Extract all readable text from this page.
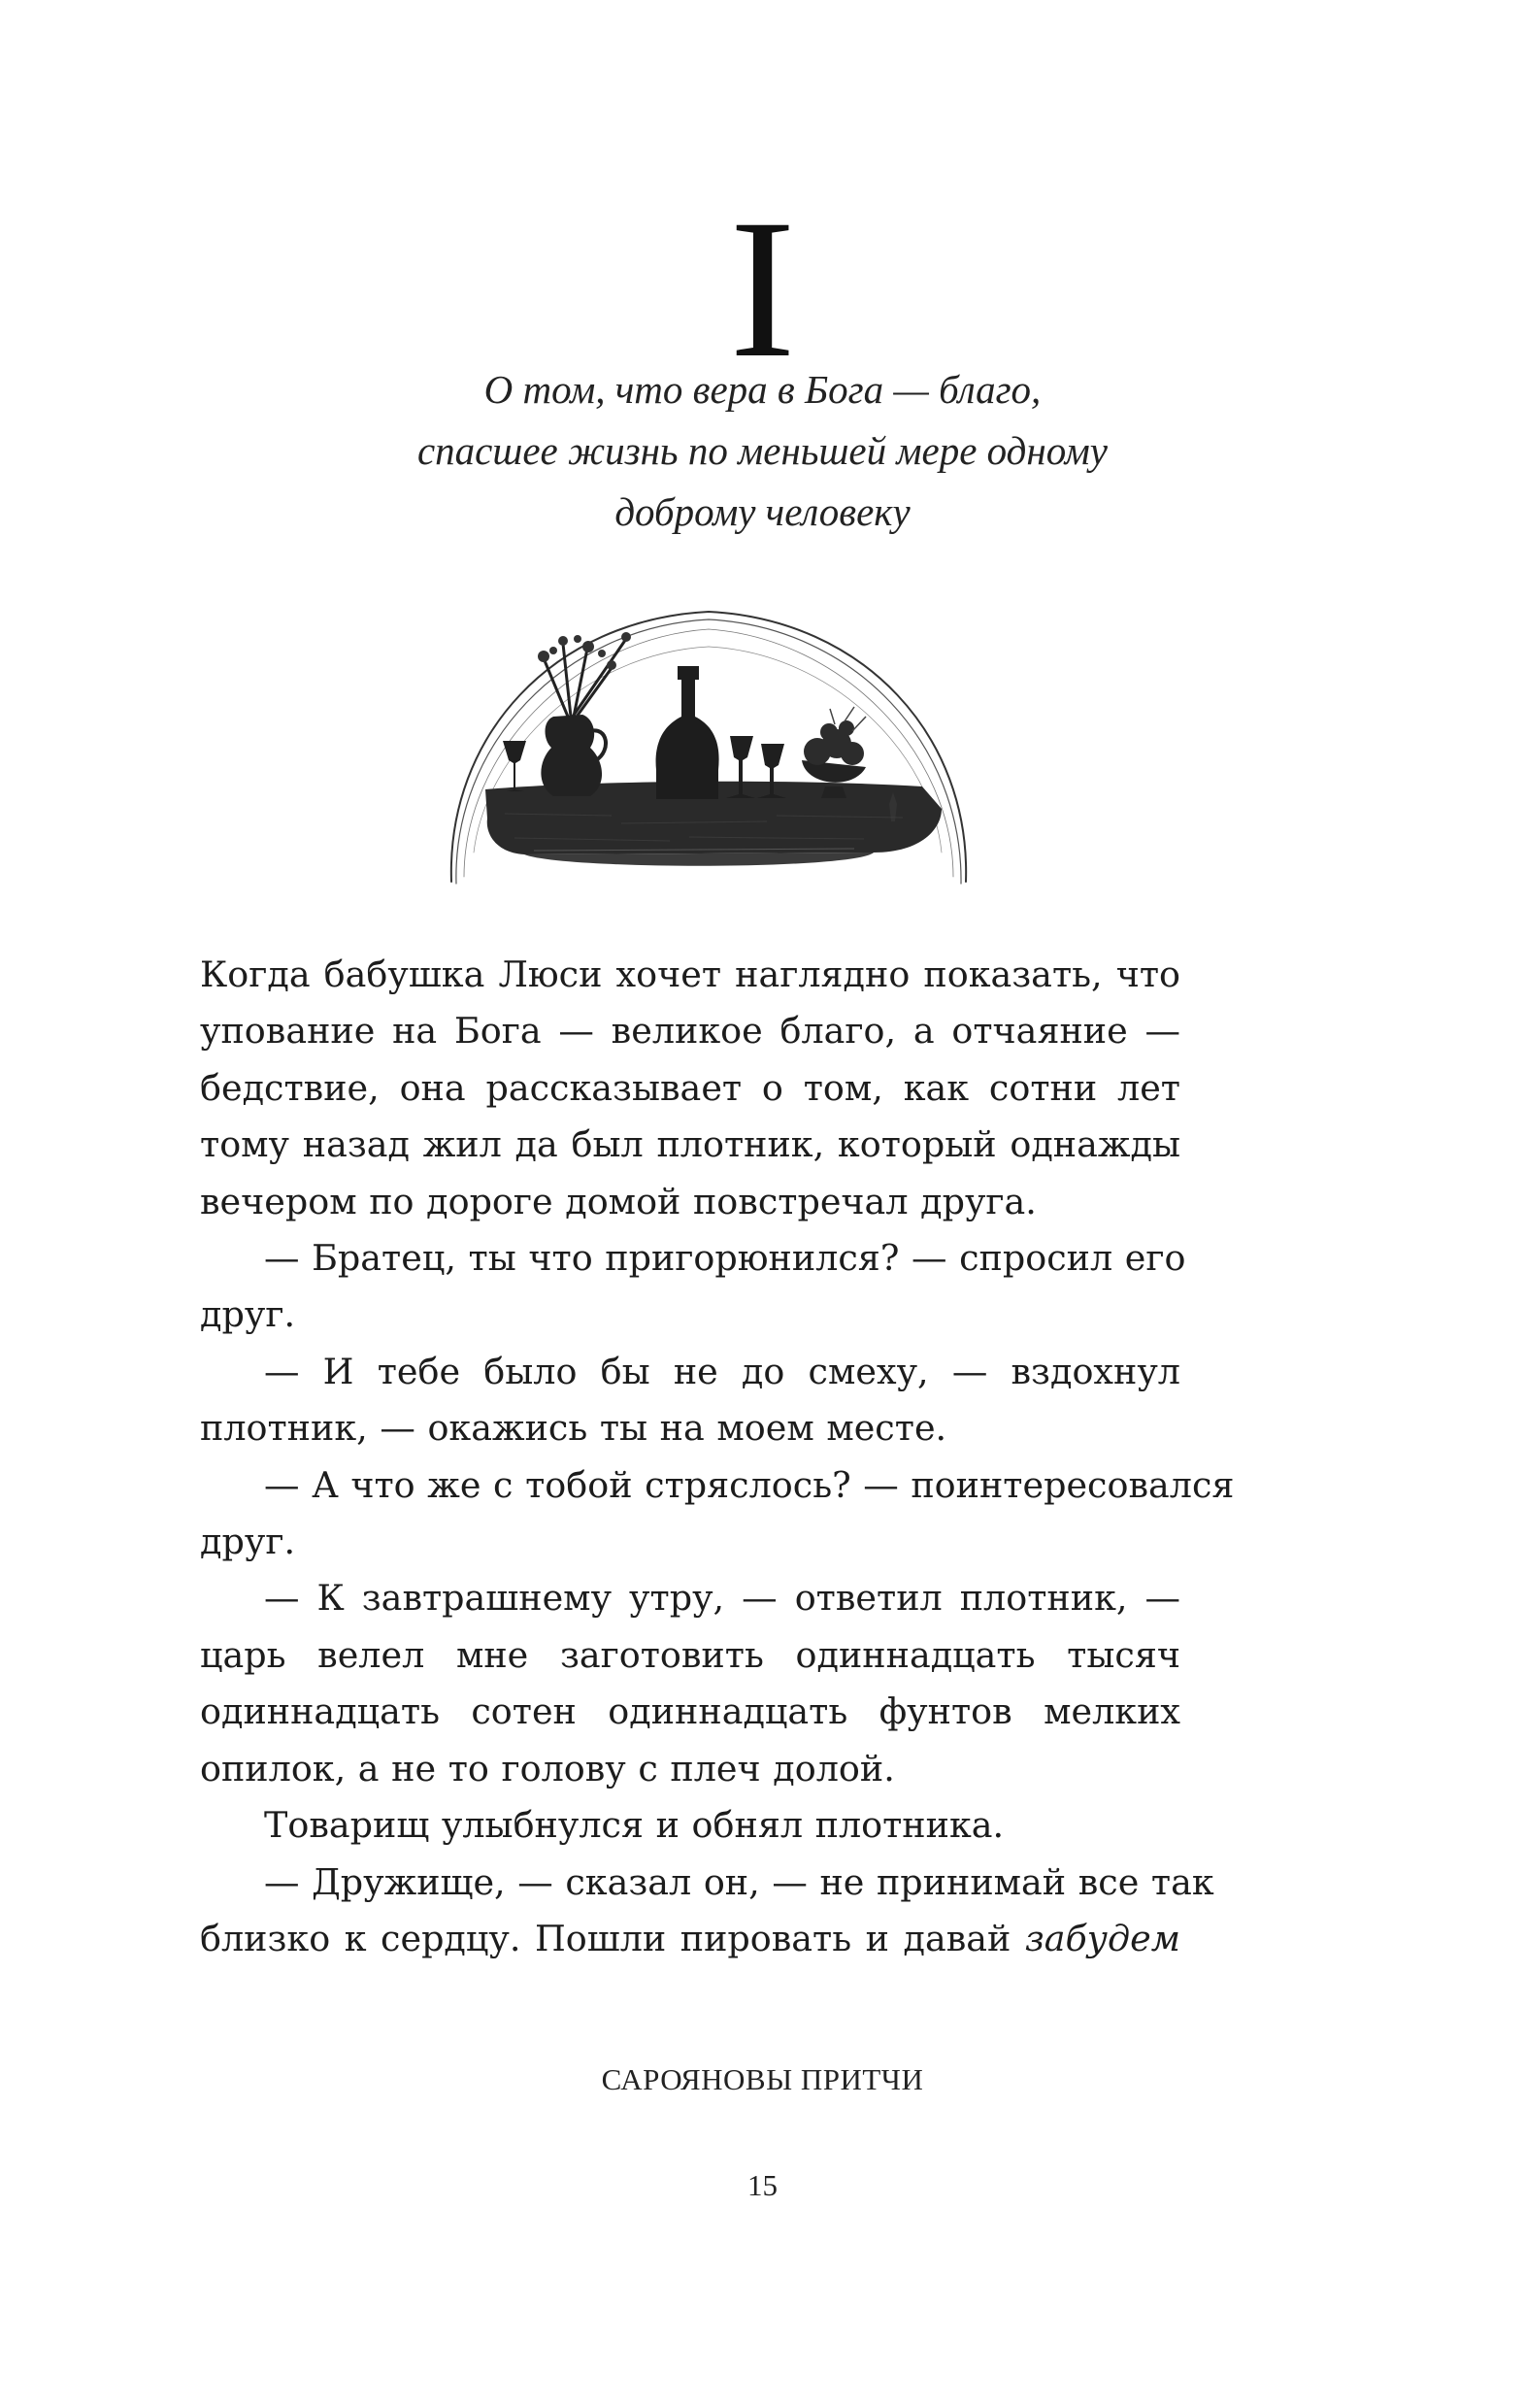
I
О том, что вера в Бога — благо,
спасшее жизнь по меньшей мере одному
доброму человеку
Когда бабушка Люси хочет наглядно показать, что
упование на Бога — великое благо, а отчаяние —
бедствие, она рассказывает о том, как сотни лет
тому назад жил да был плотник, который однажды
вечером по дороге домой повстречал друга.
— Братец, ты что пригорюнился? — спросил его
друг.
— И тебе было бы не до смеху, — вздохнул
плотник, — окажись ты на моем месте.
— А что же с тобой стряслось? — поинтересовался
друг.
— К завтрашнему утру, — ответил плотник, —
царь велел мне заготовить одиннадцать тысяч
одиннадцать сотен одиннадцать фунтов мелких
опилок, а не то голову с плеч долой.
Товарищ улыбнулся и обнял плотника.
— Дружище, — сказал он, — не принимай все так
близко к сердцу. Пошли пировать и давай забудем
САРОЯНОВЫ ПРИТЧИ
15
